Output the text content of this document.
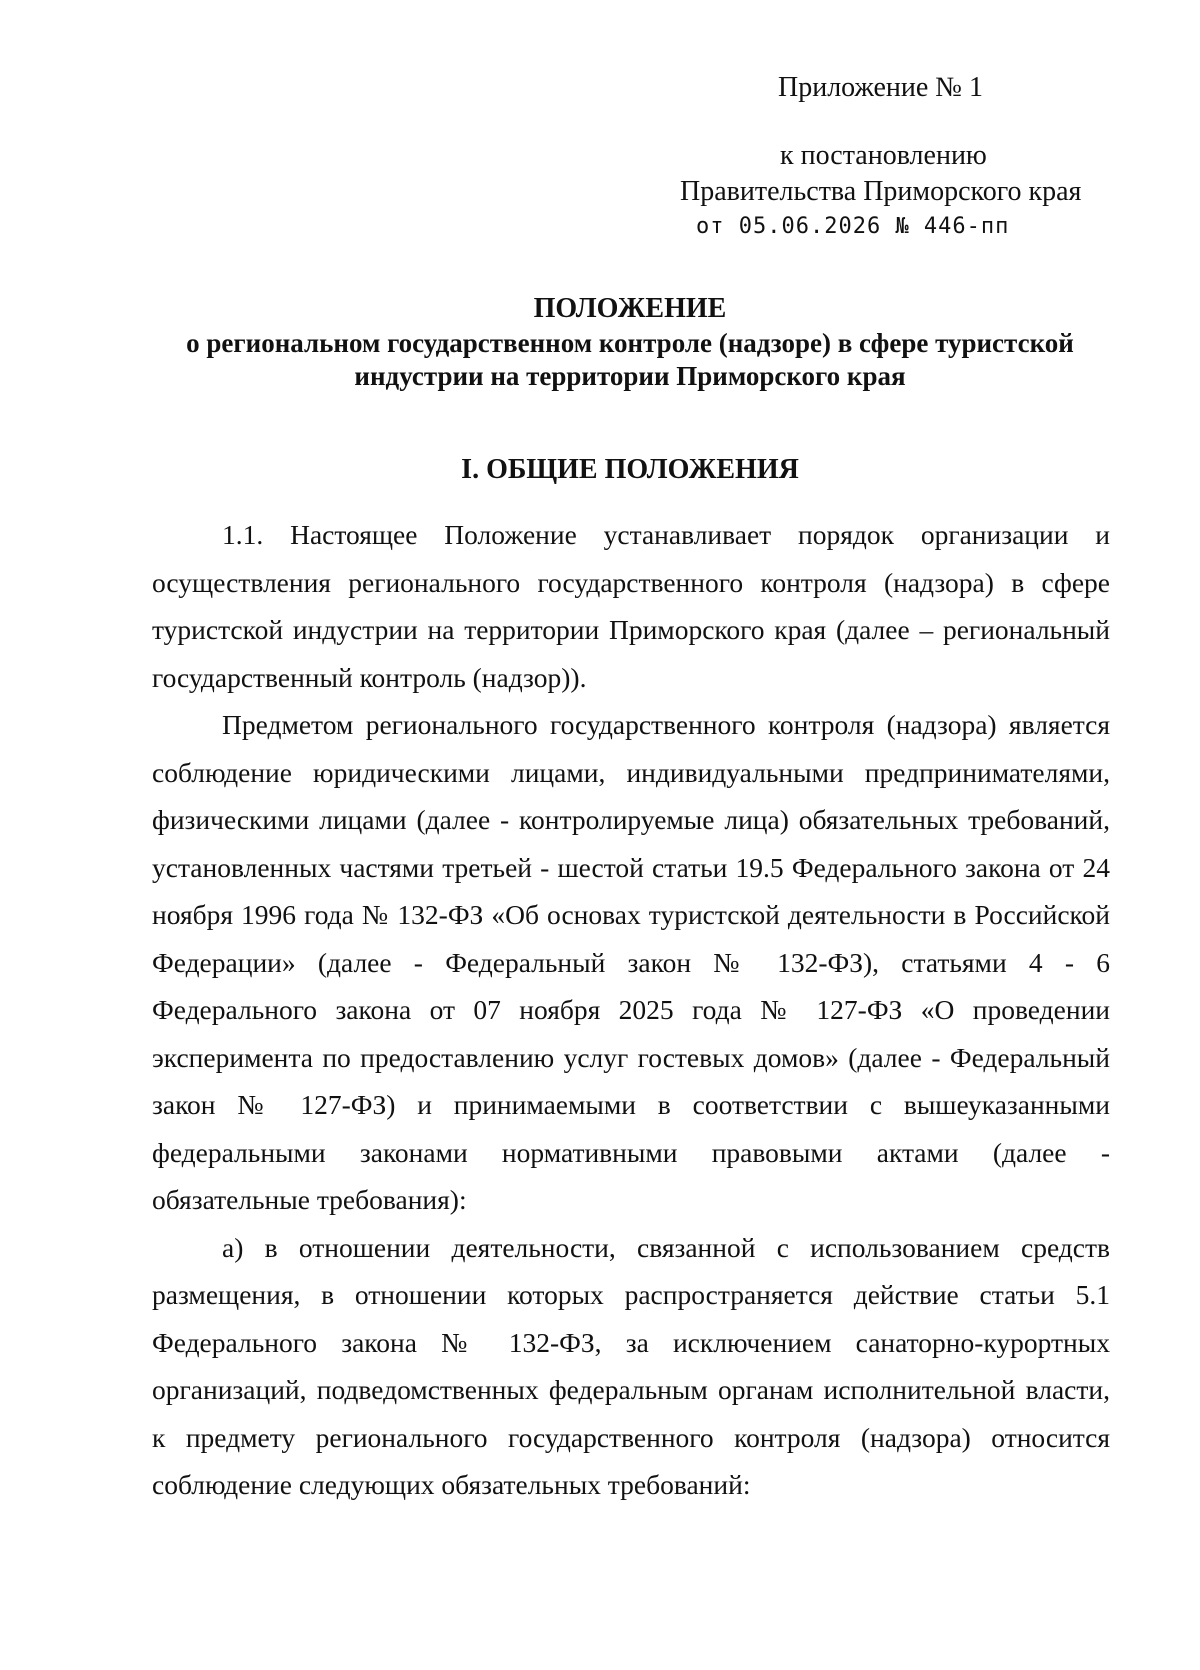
Приложение № 1
к постановлению
Правительства Приморского края
от 05.06.2026 № 446-пп
ПОЛОЖЕНИЕ
о региональном государственном контроле (надзоре) в сфере туристской индустрии на территории Приморского края
I. ОБЩИЕ ПОЛОЖЕНИЯ

1.1. Настоящее Положение устанавливает порядок организации и осуществления регионального государственного контроля (надзора) в сфере туристской индустрии на территории Приморского края (далее – региональный государственный контроль (надзор)).

Предметом регионального государственного контроля (надзора) является соблюдение юридическими лицами, индивидуальными предпринимателями, физическими лицами (далее - контролируемые лица) обязательных требований, установленных частями третьей - шестой статьи 19.5 Федерального закона от 24 ноября 1996 года № 132-ФЗ «Об основах туристской деятельности в Российской Федерации» (далее - Федеральный закон № 132-ФЗ), статьями 4 - 6 Федерального закона от 07 ноября 2025 года № 127-ФЗ «О проведении эксперимента по предоставлению услуг гостевых домов» (далее - Федеральный закон № 127-ФЗ) и принимаемыми в соответствии с вышеуказанными федеральными законами нормативными правовыми актами (далее - обязательные требования):

а) в отношении деятельности, связанной с использованием средств размещения, в отношении которых распространяется действие статьи 5.1 Федерального закона № 132-ФЗ, за исключением санаторно-курортных организаций, подведомственных федеральным органам исполнительной власти, к предмету регионального государственного контроля (надзора) относится соблюдение следующих обязательных требований:
